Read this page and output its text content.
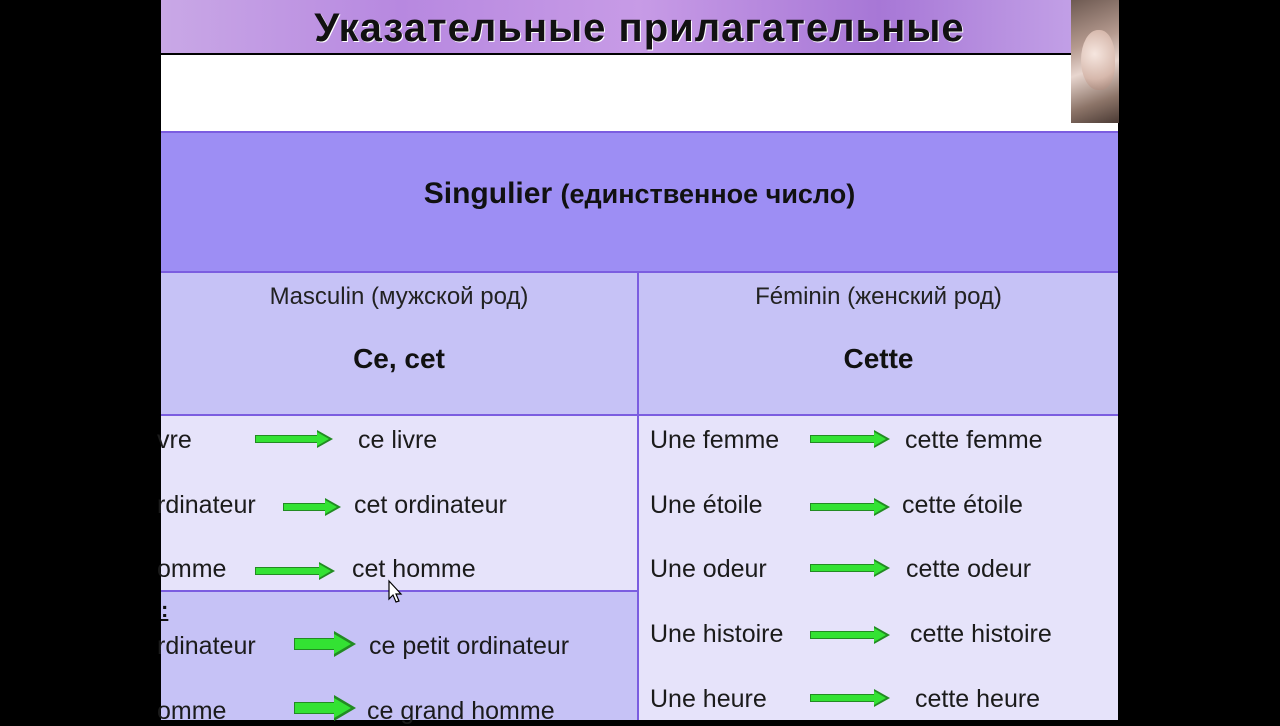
Указательные прилагательные
Singulier (единственное число)
Masculin (мужской род)
Ce, cet
Féminin (женский род)
Cette
vre	ce livre
rdinateur	cet ordinateur
omme	cet homme
:
rdinateur	ce petit ordinateur
omme	ce grand homme
Une femme	cette femme
Une étoile	cette étoile
Une odeur	cette odeur
Une histoire	cette histoire
Une heure	cette heure
